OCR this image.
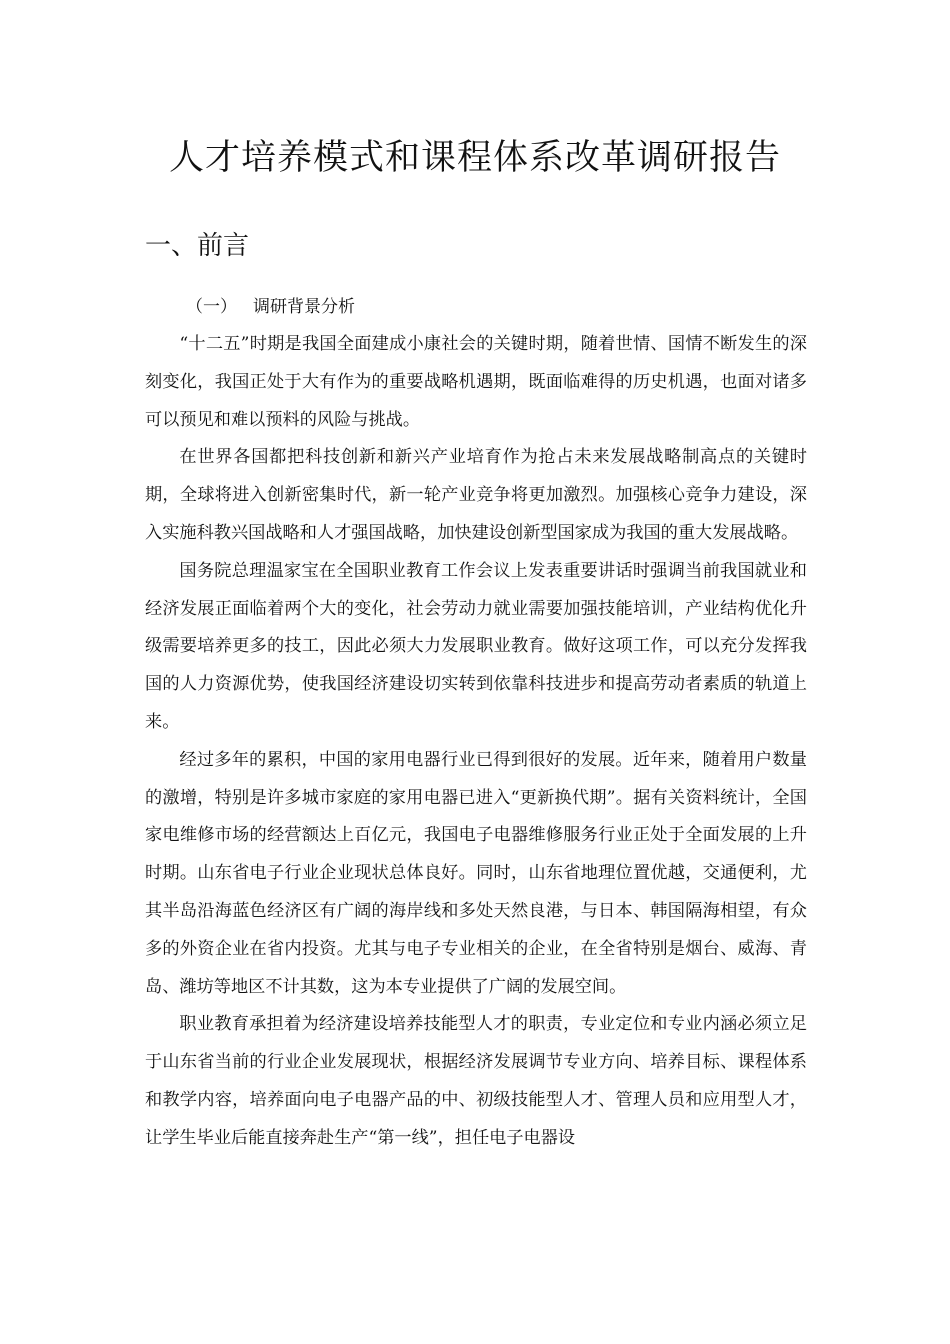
人才培养模式和课程体系改革调研报告
一、前言
（一） 调研背景分析

“十二五”时期是我国全面建成小康社会的关键时期，随着世情、国情不断发生的深刻变化，我国正处于大有作为的重要战略机遇期，既面临难得的历史机遇，也面对诸多可以预见和难以预料的风险与挑战。

在世界各国都把科技创新和新兴产业培育作为抢占未来发展战略制高点的关键时期，全球将进入创新密集时代，新一轮产业竞争将更加激烈。加强核心竞争力建设，深入实施科教兴国战略和人才强国战略，加快建设创新型国家成为我国的重大发展战略。

国务院总理温家宝在全国职业教育工作会议上发表重要讲话时强调当前我国就业和经济发展正面临着两个大的变化，社会劳动力就业需要加强技能培训，产业结构优化升级需要培养更多的技工，因此必须大力发展职业教育。做好这项工作，可以充分发挥我国的人力资源优势，使我国经济建设切实转到依靠科技进步和提高劳动者素质的轨道上来。

经过多年的累积，中国的家用电器行业已得到很好的发展。近年来，随着用户数量的激增，特别是许多城市家庭的家用电器已进入“更新换代期”。据有关资料统计，全国家电维修市场的经营额达上百亿元，我国电子电器维修服务行业正处于全面发展的上升时期。山东省电子行业企业现状总体良好。同时，山东省地理位置优越，交通便利，尤其半岛沿海蓝色经济区有广阔的海岸线和多处天然良港，与日本、韩国隔海相望，有众多的外资企业在省内投资。尤其与电子专业相关的企业，在全省特别是烟台、威海、青岛、潍坊等地区不计其数，这为本专业提供了广阔的发展空间。

职业教育承担着为经济建设培养技能型人才的职责，专业定位和专业内涵必须立足于山东省当前的行业企业发展现状，根据经济发展调节专业方向、培养目标、课程体系和教学内容，培养面向电子电器产品的中、初级技能型人才、管理人员和应用型人才，让学生毕业后能直接奔赴生产“第一线”，担任电子电器设
